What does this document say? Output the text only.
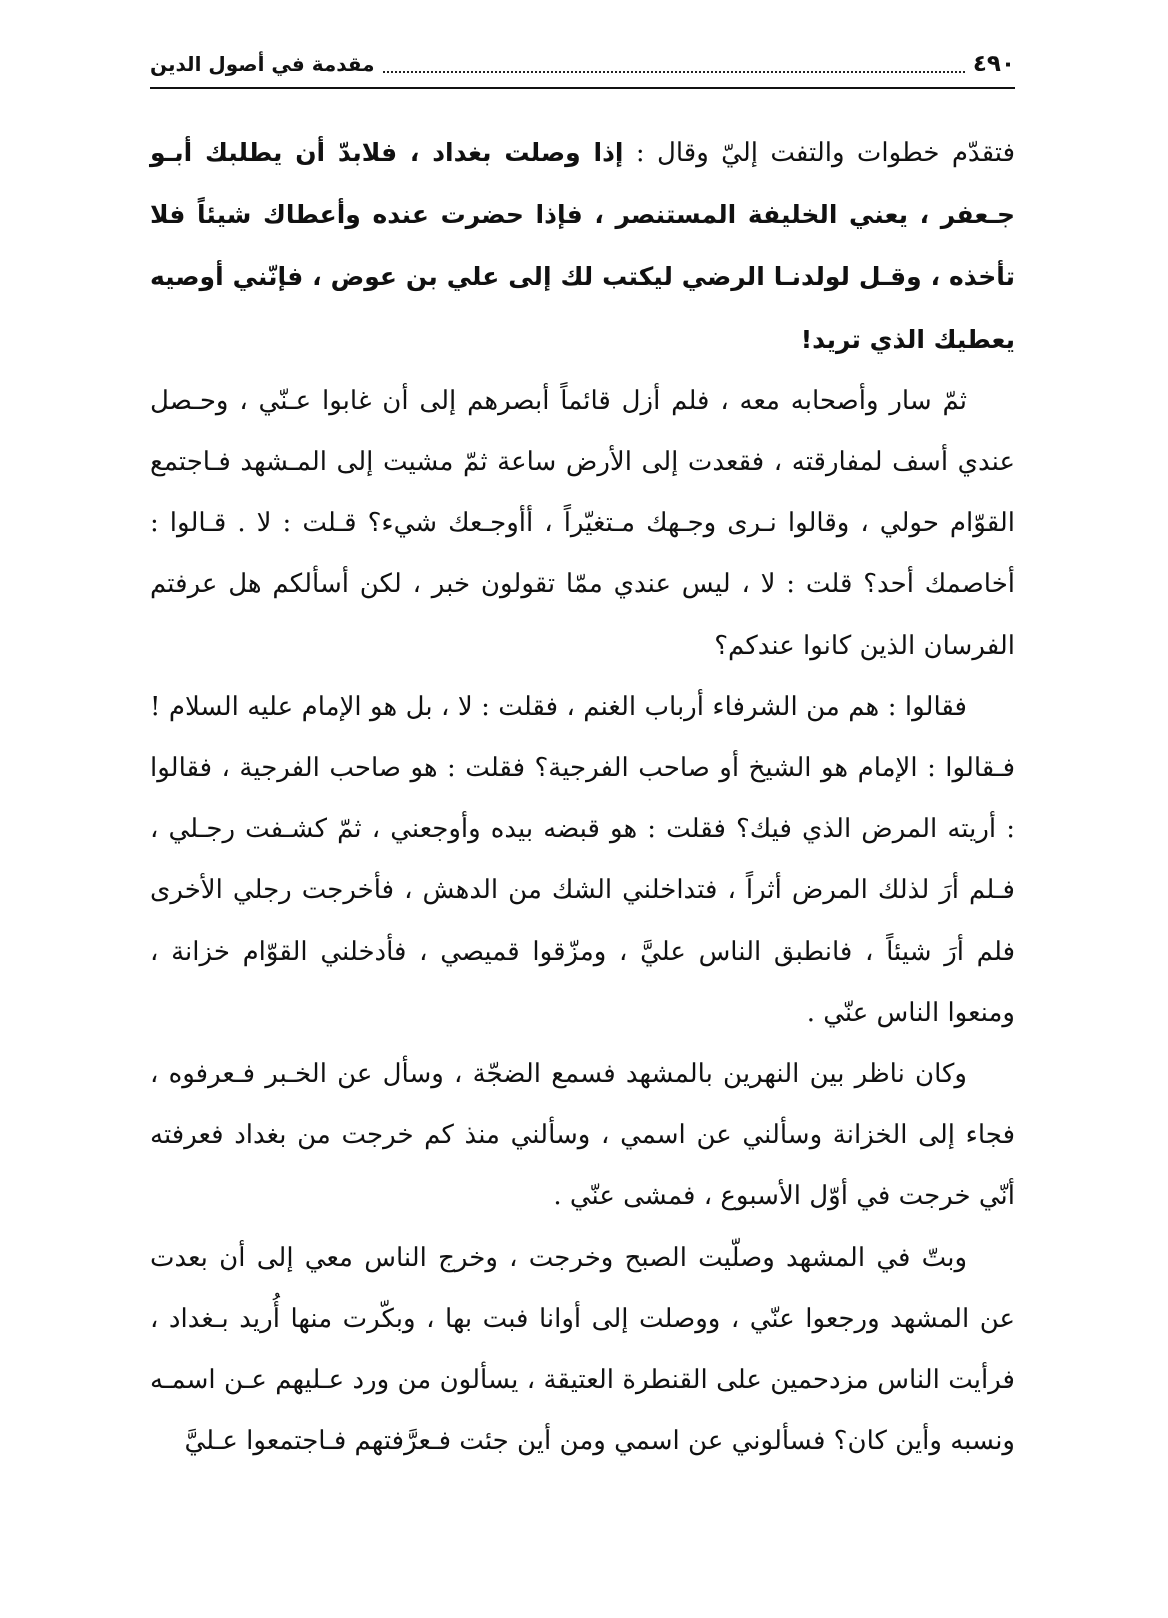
٤٩٠
مقدمة في أصول الدين

فتقدّم خطوات والتفت إليّ وقال : إذا وصلت بغداد ، فلابدّ أن يطلبك أبـو جـعفر ، يعني الخليفة المستنصر ، فإذا حضرت عنده وأعطاك شيئاً فلا تأخذه ، وقـل لولدنـا الرضي ليكتب لك إلى علي بن عوض ، فإنّني أوصيه يعطيك الذي تريد!

ثمّ سار وأصحابه معه ، فلم أزل قائماً أبصرهم إلى أن غابوا عـنّي ، وحـصل عندي أسف لمفارقته ، فقعدت إلى الأرض ساعة ثمّ مشيت إلى المـشهد فـاجتمع القوّام حولي ، وقالوا نـرى وجـهك مـتغيّراً ، أأوجـعك شيء؟ قـلت : لا . قـالوا : أخاصمك أحد؟ قلت : لا ، ليس عندي ممّا تقولون خبر ، لكن أسألكم هل عرفتم الفرسان الذين كانوا عندكم؟

فقالوا : هم من الشرفاء أرباب الغنم ، فقلت : لا ، بل هو الإمام عليه السلام ! فـقالوا : الإمام هو الشيخ أو صاحب الفرجية؟ فقلت : هو صاحب الفرجية ، فقالوا : أريته المرض الذي فيك؟ فقلت : هو قبضه بيده وأوجعني ، ثمّ كشـفت رجـلي ، فـلم أرَ لذلك المرض أثراً ، فتداخلني الشك من الدهش ، فأخرجت رجلي الأخرى فلم أرَ شيئاً ، فانطبق الناس عليَّ ، ومزّقوا قميصي ، فأدخلني القوّام خزانة ، ومنعوا الناس عنّي .

وكان ناظر بين النهرين بالمشهد فسمع الضجّة ، وسأل عن الخـبر فـعرفوه ، فجاء إلى الخزانة وسألني عن اسمي ، وسألني منذ كم خرجت من بغداد فعرفته أنّي خرجت في أوّل الأسبوع ، فمشى عنّي .

وبتّ في المشهد وصلّيت الصبح وخرجت ، وخرج الناس معي إلى أن بعدت عن المشهد ورجعوا عنّي ، ووصلت إلى أوانا فبت بها ، وبكّرت منها أُريد بـغداد ، فرأيت الناس مزدحمين على القنطرة العتيقة ، يسألون من ورد عـليهم عـن اسمـه ونسبه وأين كان؟ فسألوني عن اسمي ومن أين جئت فـعرَّفتهم فـاجتمعوا عـليَّ
